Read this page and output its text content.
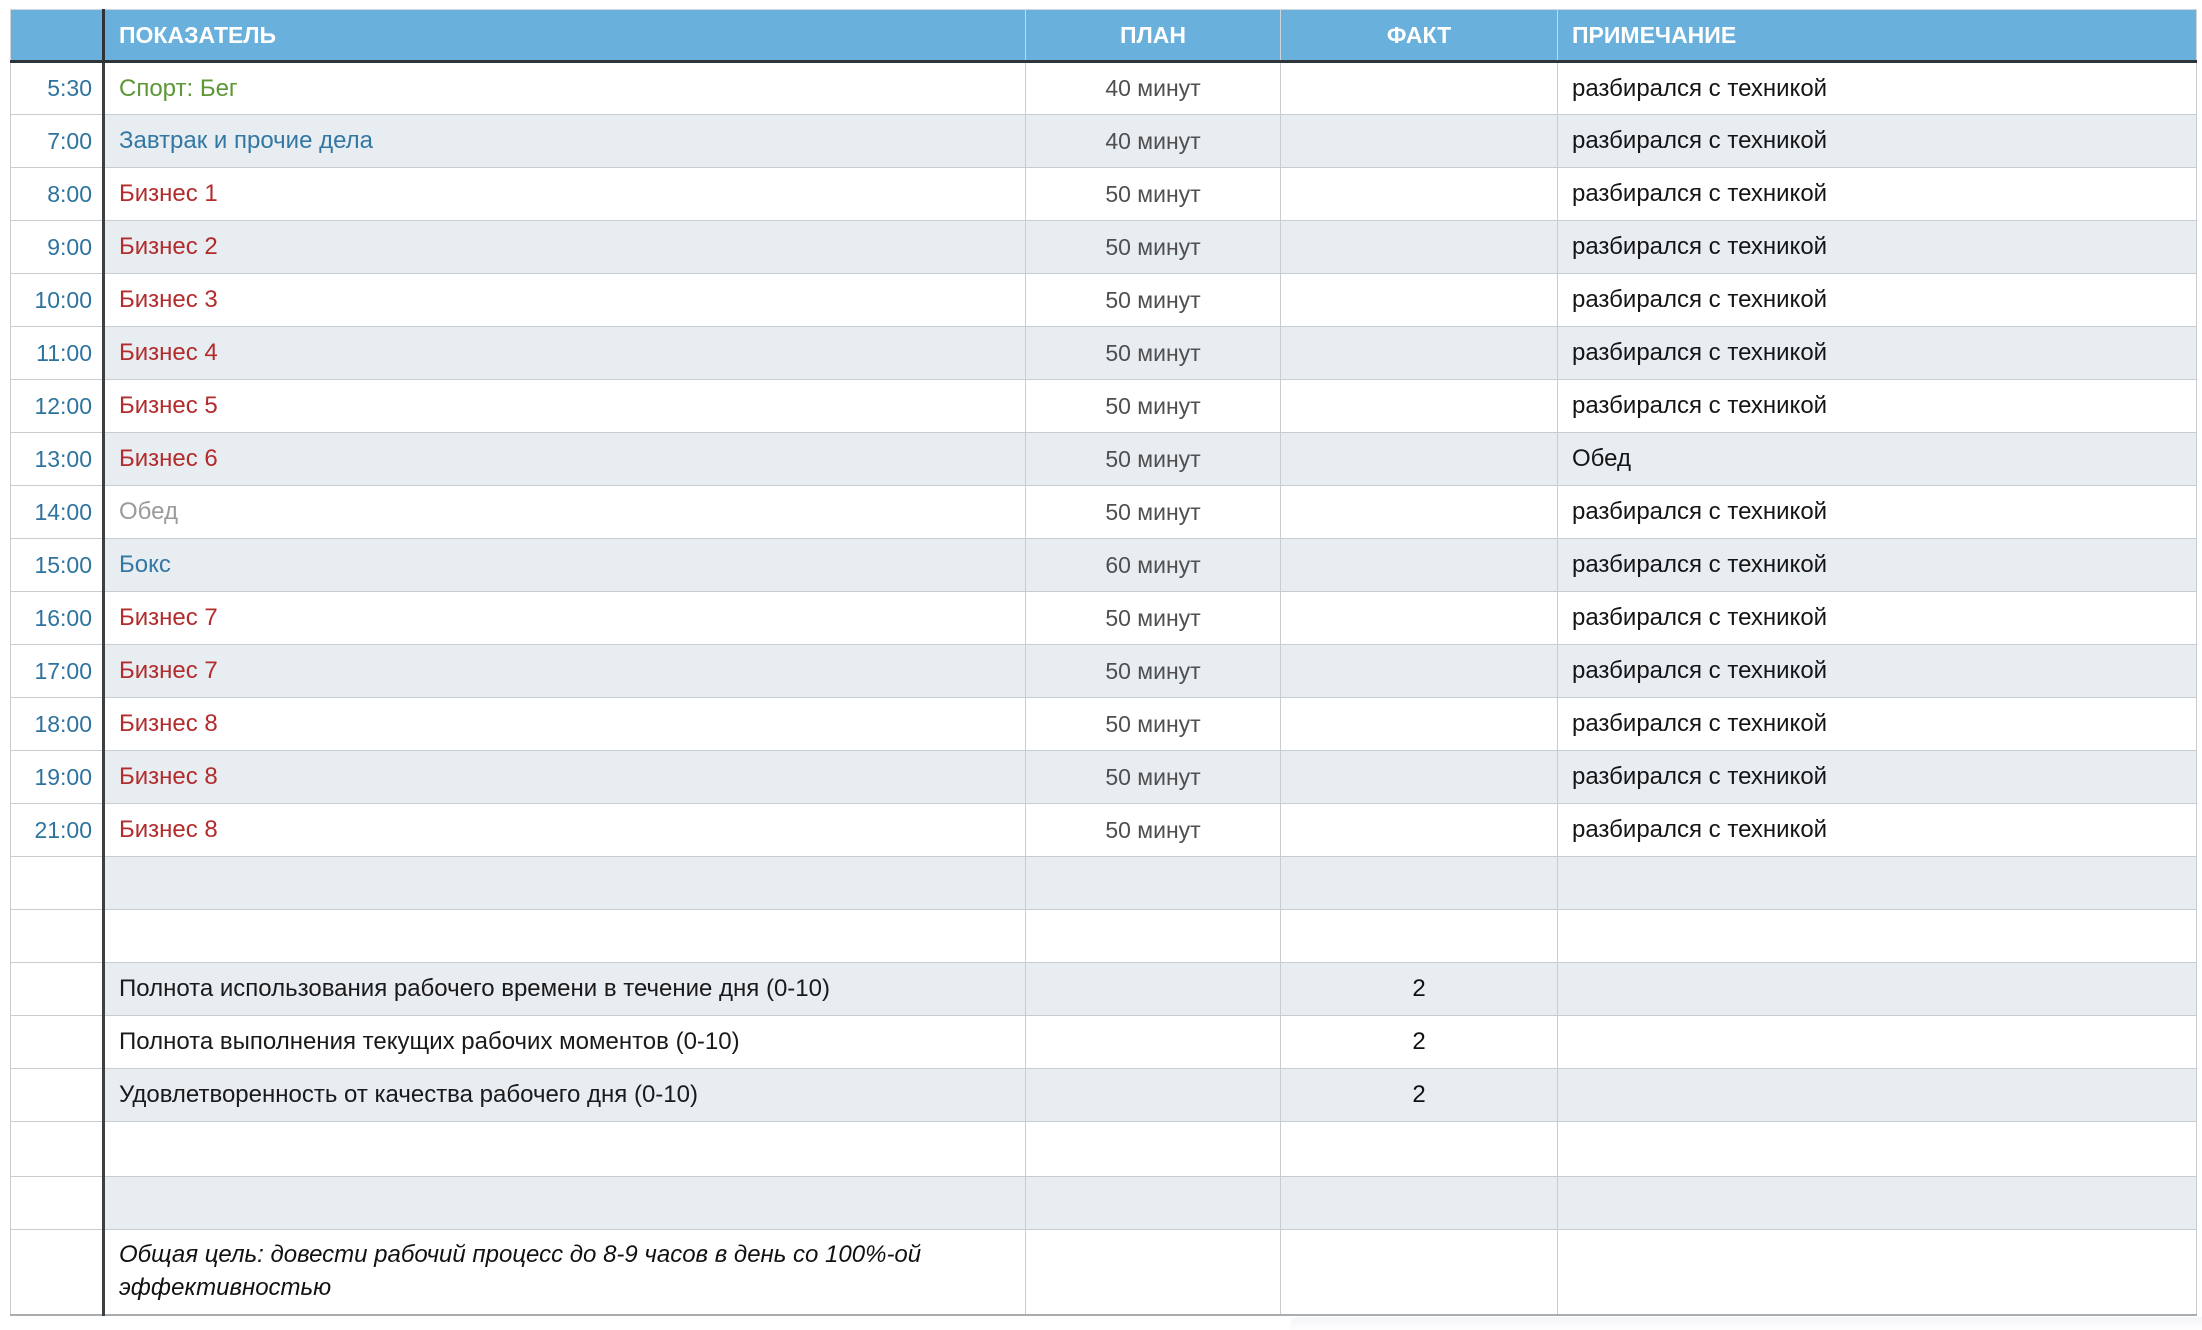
	ПОКАЗАТЕЛЬ	ПЛАН	ФАКТ	ПРИМЕЧАНИЕ
5:30	Спорт: Бег	40 минут		разбирался с техникой
7:00	Завтрак и прочие дела	40 минут		разбирался с техникой
8:00	Бизнес 1	50 минут		разбирался с техникой
9:00	Бизнес 2	50 минут		разбирался с техникой
10:00	Бизнес 3	50 минут		разбирался с техникой
11:00	Бизнес 4	50 минут		разбирался с техникой
12:00	Бизнес 5	50 минут		разбирался с техникой
13:00	Бизнес 6	50 минут		Обед
14:00	Обед	50 минут		разбирался с техникой
15:00	Бокс	60 минут		разбирался с техникой
16:00	Бизнес 7	50 минут		разбирался с техникой
17:00	Бизнес 7	50 минут		разбирался с техникой
18:00	Бизнес 8	50 минут		разбирался с техникой
19:00	Бизнес 8	50 минут		разбирался с техникой
21:00	Бизнес 8	50 минут		разбирался с техникой

	Полнота использования рабочего времени в течение дня (0-10)		2	
	Полнота выполнения текущих рабочих моментов (0-10)		2	
	Удовлетворенность от качества рабочего дня (0-10)		2	

	Общая цель: довести рабочий процесс до 8-9 часов в день со 100%-ой эффективностью			
